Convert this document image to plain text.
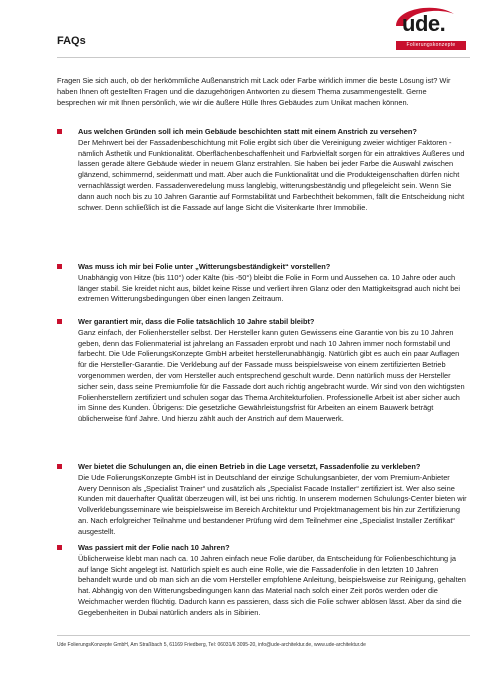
FAQs
ude.
Folierungskonzepte
Fragen Sie sich auch, ob der herkömmliche Außenanstrich mit Lack oder Farbe wirklich immer die beste Lösung ist? Wir haben Ihnen oft gestellten Fragen und die dazugehörigen Antworten zu diesem Thema zusammengestellt. Gerne besprechen wir mit Ihnen persönlich, wie wir die äußere Hülle Ihres Gebäudes zum Unikat machen können.
Aus welchen Gründen soll ich mein Gebäude beschichten statt mit einem Anstrich zu versehen?
Der Mehrwert bei der Fassadenbeschichtung mit Folie ergibt sich über die Vereinigung zweier wichtiger Faktoren - nämlich Ästhetik und Funktionalität. Oberflächenbeschaffenheit und Farbvielfalt sorgen für ein attraktives Äußeres und lassen gerade ältere Gebäude wieder in neuem Glanz erstrahlen. Sie haben bei jeder Farbe die Auswahl zwischen glänzend, schimmernd, seidenmatt und matt. Aber auch die Funktionalität und die Produkteigenschaften dürfen nicht vernachlässigt werden. Fassadenveredelung muss langlebig, witterungsbeständig und pflegeleicht sein. Wenn Sie dann auch noch bis zu 10 Jahren Garantie auf Formstabilität und Farbechtheit bekommen, fällt die Entscheidung nicht schwer. Denn schließlich ist die Fassade auf lange Sicht die Visitenkarte Ihrer Immobilie.
Was muss ich mir bei Folie unter „Witterungsbeständigkeit“ vorstellen?
Unabhängig von Hitze (bis 110°) oder Kälte (bis -50°) bleibt die Folie in Form und Aussehen ca. 10 Jahre oder auch länger stabil. Sie kreidet nicht aus, bildet keine Risse und verliert ihren Glanz oder den Mattigkeitsgrad auch nicht bei extremen Witterungsbedingungen über einen langen Zeitraum.
Wer garantiert mir, dass die Folie tatsächlich 10 Jahre stabil bleibt?
Ganz einfach, der Folienhersteller selbst. Der Hersteller kann guten Gewissens eine Garantie von bis zu 10 Jahren geben, denn das Folienmaterial ist jahrelang an Fassaden erprobt und nach 10 Jahren immer noch formstabil und farbecht. Die Ude FolierungsKonzepte GmbH arbeitet herstellerunabhängig. Natürlich gibt es auch ein paar Auflagen für die Hersteller-Garantie. Die Verklebung auf der Fassade muss beispielsweise von einem zertifizierten Betrieb vorgenommen werden, der vom Hersteller auch entsprechend geschult wurde. Denn natürlich muss der Hersteller sicher sein, dass seine Premiumfolie für die Fassade dort auch richtig angebracht wurde. Wir sind von den wichtigsten Folienherstellern zertifiziert und schulen sogar das Thema Architekturfolien. Professionelle Arbeit ist aber sicher auch im Sinne des Kunden. Übrigens: Die gesetzliche Gewährleistungsfrist für Arbeiten an einem Bauwerk beträgt üblicherweise fünf Jahre. Und hierzu zählt auch der Anstrich auf dem Mauerwerk.
Wer bietet die Schulungen an, die einen Betrieb in die Lage versetzt, Fassadenfolie zu verkleben?
Die Ude FolierungsKonzepte GmbH ist in Deutschland der einzige Schulungsanbieter, der vom Premium-Anbieter Avery Dennison als „Specialist Trainer“ und zusätzlich als „Specialist Facade Installer“ zertifiziert ist. Wer also seine Kunden mit dauerhafter Qualität überzeugen will, ist bei uns richtig. In unserem modernen Schulungs-Center bieten wir Vollverklebungsseminare wie beispielsweise im Bereich Architektur und Projektmanagement bis hin zur Zertifizierung an. Nach erfolgreicher Teilnahme und bestandener Prüfung wird dem Teilnehmer eine „Specialist Installer Zertifikat“ ausgestellt.
Was passiert mit der Folie nach 10 Jahren?
Üblicherweise klebt man nach ca. 10 Jahren einfach neue Folie darüber, da Entscheidung für Folienbeschichtung ja auf lange Sicht angelegt ist. Natürlich spielt es auch eine Rolle, wie die Fassadenfolie in den letzten 10 Jahren behandelt wurde und ob man sich an die vom Hersteller empfohlene Anleitung, beispielsweise zur Reinigung, gehalten hat. Abhängig von den Witterungsbedingungen kann das Material nach solch einer Zeit porös werden oder die Weichmacher werden flüchtig. Dadurch kann es passieren, dass sich die Folie schwer ablösen lässt. Aber da sind die Gegebenheiten in Dubai natürlich anders als in Sibirien.
Ude FolierungsKonzepte GmbH, Am Straßbach 5, 61169 Friedberg, Tel: 06031/6 3095-20, info@ude-architektur.de, www.ude-architektur.de
